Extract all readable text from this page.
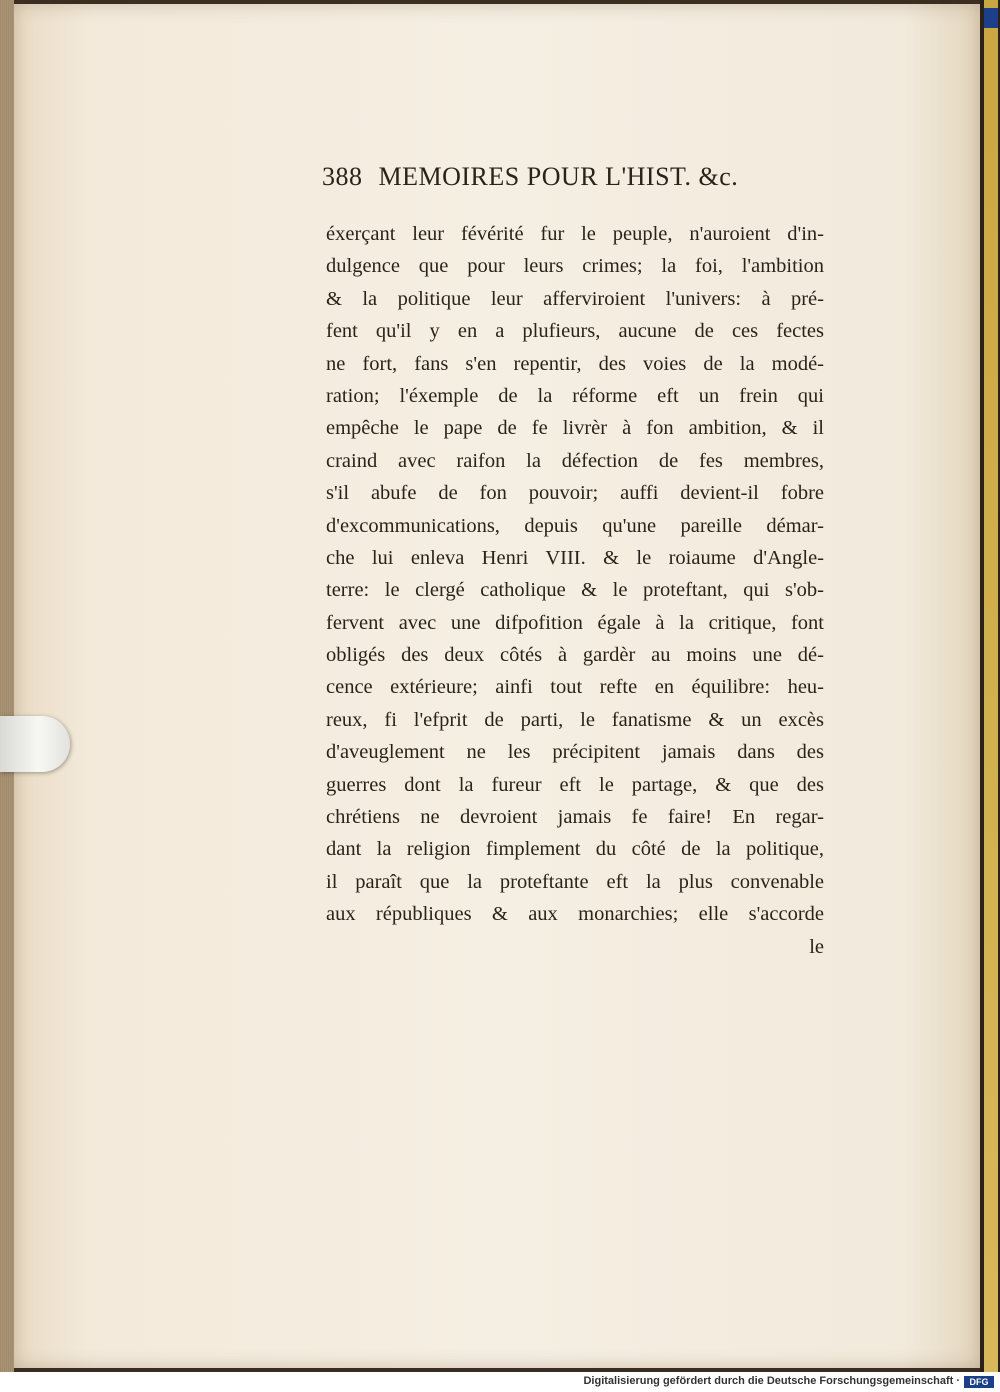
388 MEMOIRES POUR L'HIST. &c.
éxerçant leur févérité fur le peuple, n'auroient d'in-
dulgence que pour leurs crimes; la foi, l'ambition
& la politique leur afferviroient l'univers: à pré-
fent qu'il y en a plufieurs, aucune de ces fectes
ne fort, fans s'en repentir, des voies de la modé-
ration; l'éxemple de la réforme eft un frein qui
empêche le pape de fe livrèr à fon ambition, & il
craind avec raifon la défection de fes membres,
s'il abufe de fon pouvoir; auffi devient-il fobre
d'excommunications, depuis qu'une pareille démar-
che lui enleva Henri VIII. & le roiaume d'Angle-
terre: le clergé catholique & le proteftant, qui s'ob-
fervent avec une difpofition égale à la critique, font
obligés des deux côtés à gardèr au moins une dé-
cence extérieure; ainfi tout refte en équilibre: heu-
reux, fi l'efprit de parti, le fanatisme & un excès
d'aveuglement ne les précipitent jamais dans des
guerres dont la fureur eft le partage, & que des
chrétiens ne devroient jamais fe faire! En regar-
dant la religion fimplement du côté de la politique,
il paraît que la proteftante eft la plus convenable
aux républiques & aux monarchies; elle s'accorde
le
Digitalisierung gefördert durch die Deutsche Forschungsgemeinschaft ·	DFG
